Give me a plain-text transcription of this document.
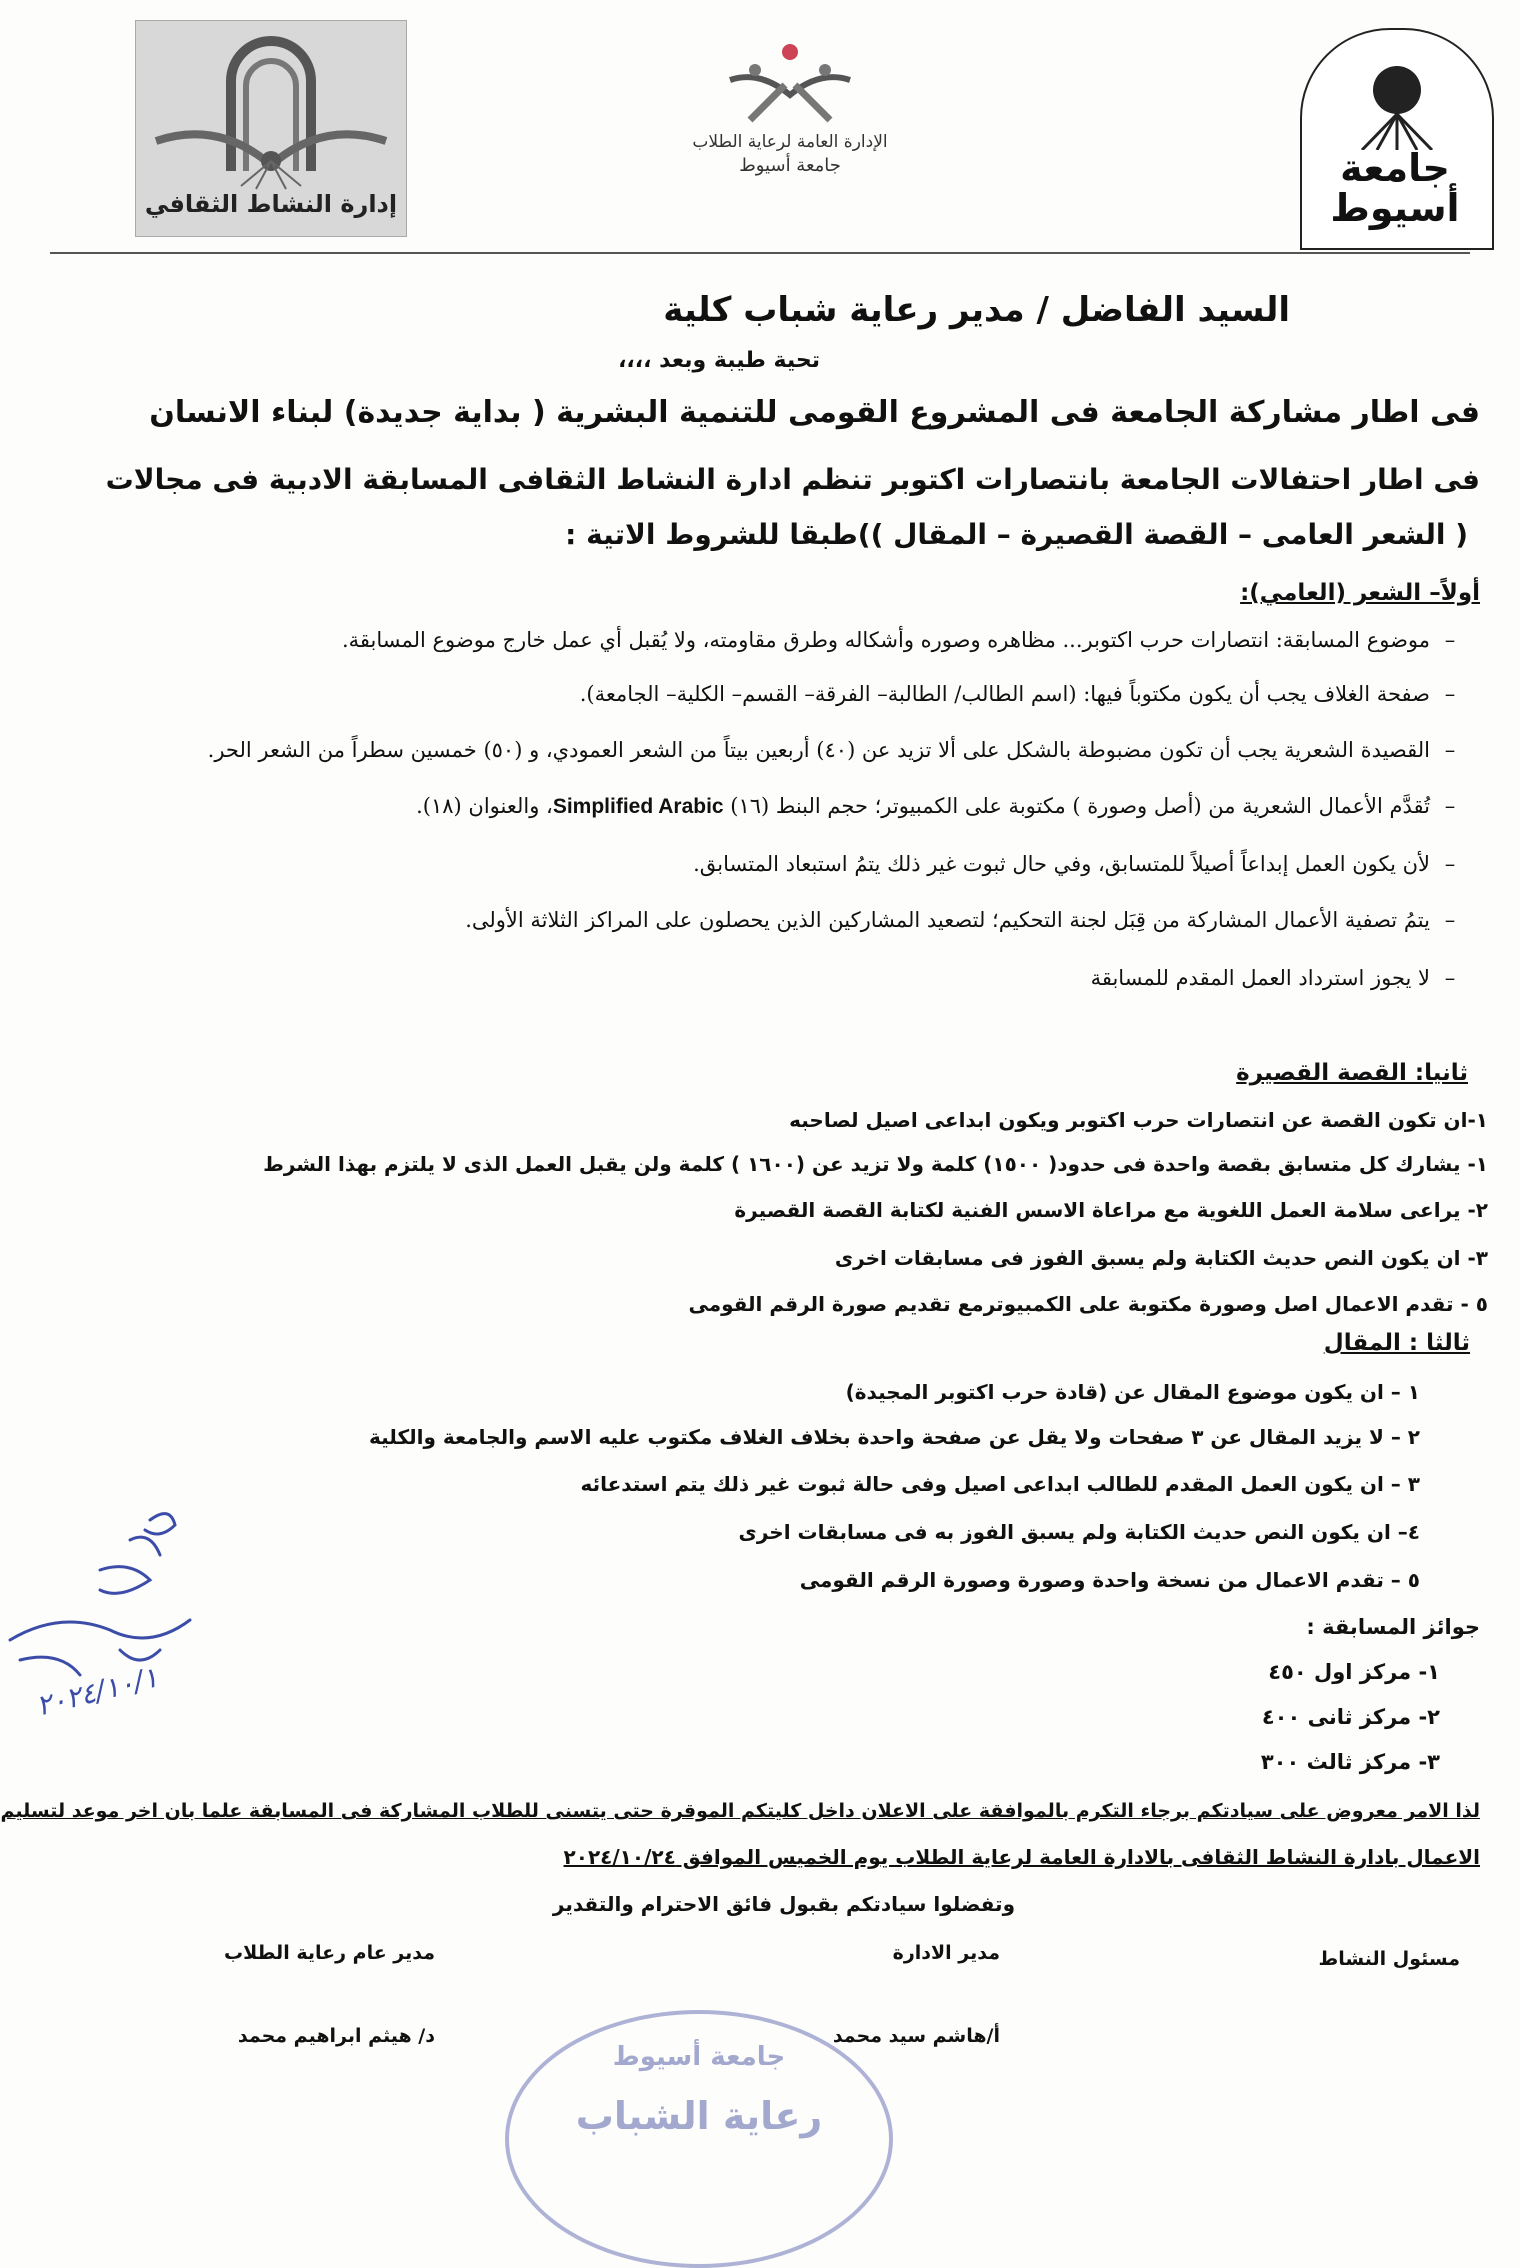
إدارة النشاط الثقافي
الإدارة العامة لرعاية الطلاب
جامعة أسيوط	جامعة أسيوط
السيد الفاضل / مدير رعاية شباب كلية
تحية طيبة وبعد ،،،،
فى اطار مشاركة الجامعة فى المشروع القومى للتنمية البشرية ( بداية جديدة) لبناء الانسان
فى اطار احتفالات الجامعة بانتصارات اكتوبر تنظم ادارة النشاط الثقافى المسابقة الادبية فى مجالات
( الشعر العامى – القصة القصيرة – المقال ))طبقا للشروط الاتية :
أولاً– الشعر (العامي):
–موضوع المسابقة: انتصارات حرب اكتوبر... مظاهره وصوره وأشكاله وطرق مقاومته، ولا يُقبل أي عمل خارج موضوع المسابقة.
–صفحة الغلاف يجب أن يكون مكتوباً فيها: (اسم الطالب/ الطالبة– الفرقة– القسم– الكلية– الجامعة).
–القصيدة الشعرية يجب أن تكون مضبوطة بالشكل على ألا تزيد عن (٤٠) أربعين بيتاً من الشعر العمودي، و (٥٠) خمسين سطراً من الشعر الحر.
–تُقدَّم الأعمال الشعرية من (أصل وصورة ) مكتوبة على الكمبيوتر؛ حجم البنط (١٦) Simplified Arabic، والعنوان (١٨).
–لأن يكون العمل إبداعاً أصيلاً للمتسابق، وفي حال ثبوت غير ذلك يتمُ استبعاد المتسابق.
–يتمُ تصفية الأعمال المشاركة من قِبَل لجنة التحكيم؛ لتصعيد المشاركين الذين يحصلون على المراكز الثلاثة الأولى.
–لا يجوز استرداد العمل المقدم للمسابقة
ثانيا: القصة القصيرة
١-ان تكون القصة عن انتصارات حرب اكتوبر ويكون ابداعى اصيل لصاحبه
١- يشارك كل متسابق بقصة واحدة فى حدود( ١٥٠٠) كلمة ولا تزيد عن (١٦٠٠ ) كلمة ولن يقبل العمل الذى لا يلتزم بهذا الشرط
٢- يراعى سلامة العمل اللغوية مع مراعاة الاسس الفنية لكتابة القصة القصيرة
٣- ان يكون النص حديث الكتابة ولم يسبق الفوز فى مسابقات اخرى
٥ - تقدم الاعمال اصل وصورة مكتوبة على الكمبيوترمع تقديم صورة الرقم القومى
ثالثا : المقال
١ – ان يكون موضوع المقال عن (قادة حرب اكتوبر المجيدة)
٢ – لا يزيد المقال عن ٣ صفحات ولا يقل عن صفحة واحدة بخلاف الغلاف مكتوب عليه الاسم والجامعة والكلية
٣ – ان يكون العمل المقدم للطالب ابداعى اصيل وفى حالة ثبوت غير ذلك يتم استدعائه
٤– ان يكون النص حديث الكتابة ولم يسبق الفوز به فى مسابقات اخرى
٥ – تقدم الاعمال من نسخة واحدة وصورة وصورة الرقم القومى
جوائز المسابقة :
١- مركز اول ٤٥٠
٢- مركز ثانى ٤٠٠
٣- مركز ثالث ٣٠٠
لذا الامر معروض على سيادتكم برجاء التكرم بالموافقة على الاعلان داخل كليتكم الموقرة حتى يتسنى للطلاب المشاركة فى المسابقة علما بان اخر موعد لتسليم
الاعمال بادارة النشاط الثقافى بالادارة العامة لرعاية الطلاب يوم الخميس الموافق ٢٠٢٤/١٠/٢٤
وتفضلوا سيادتكم بقبول فائق الاحترام والتقدير
مسئول النشاط
مدير الادارة
مدير عام رعاية الطلاب
أ/هاشم سيد محمد
د/ هيثم ابراهيم محمد
جامعة أسيوط
رعاية الشباب
٢٠٢٤/١٠/١
